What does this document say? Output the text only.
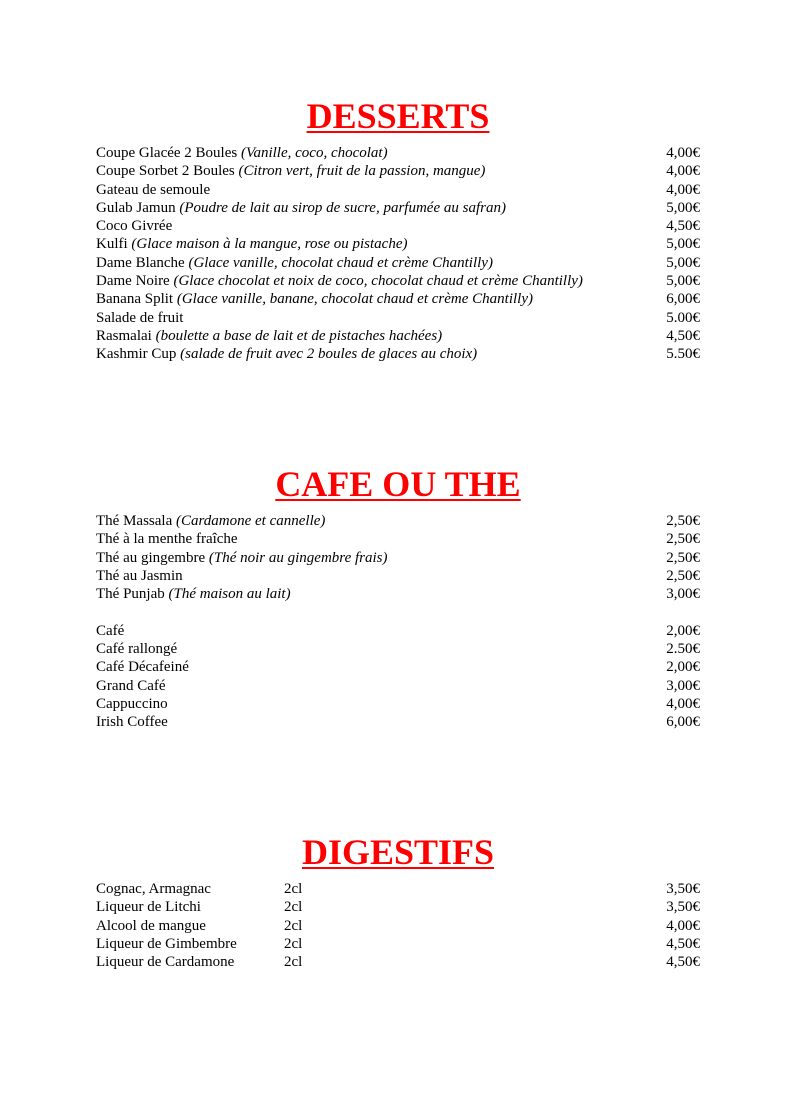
DESSERTS
Coupe Glacée 2 Boules (Vanille, coco, chocolat)	4,00€
Coupe Sorbet 2 Boules (Citron vert, fruit de la passion, mangue)	4,00€
Gateau de semoule	4,00€
Gulab Jamun (Poudre de lait au sirop de sucre, parfumée au safran)	5,00€
Coco Givrée	4,50€
Kulfi (Glace maison à la mangue, rose ou pistache)	5,00€
Dame Blanche (Glace vanille, chocolat chaud et crème Chantilly)	5,00€
Dame Noire (Glace chocolat et noix de coco, chocolat chaud et crème Chantilly)	5,00€
Banana Split (Glace vanille, banane, chocolat chaud et crème Chantilly)	6,00€
Salade de fruit	5.00€
Rasmalai (boulette a base de lait et de pistaches hachées)	4,50€
Kashmir Cup (salade de fruit avec 2 boules de glaces au choix)	5.50€
CAFE OU THE
Thé Massala (Cardamone et cannelle)	2,50€
Thé à la menthe fraîche	2,50€
Thé au gingembre (Thé noir au gingembre frais)	2,50€
Thé au Jasmin	2,50€
Thé Punjab (Thé maison au lait)	3,00€
Café	2,00€
Café rallongé	2.50€
Café Décafeiné	2,00€
Grand Café	3,00€
Cappuccino	4,00€
Irish Coffee	6,00€
DIGESTIFS
Cognac, Armagnac	2cl	3,50€
Liqueur de Litchi	2cl	3,50€
Alcool de mangue	2cl	4,00€
Liqueur de Gimbembre	2cl	4,50€
Liqueur de Cardamone	2cl	4,50€
